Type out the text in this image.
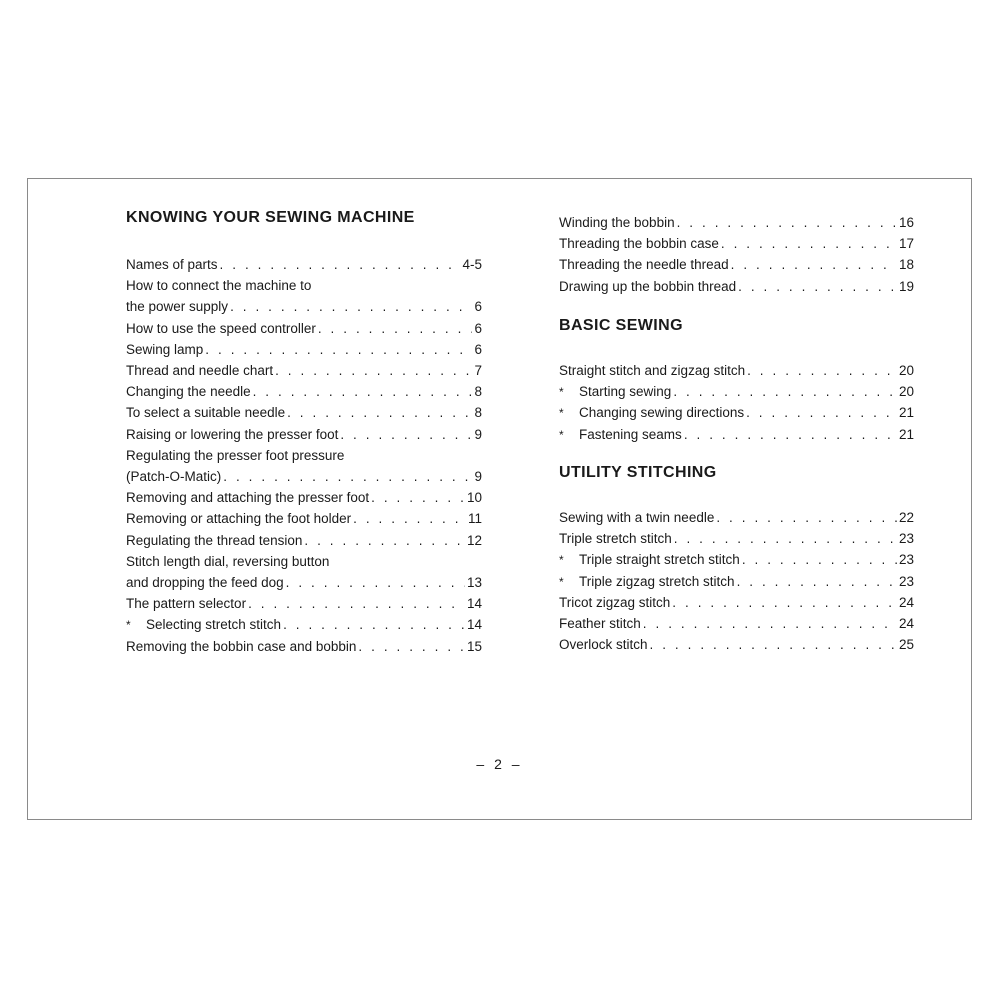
KNOWING YOUR SEWING MACHINE
Names of parts . . .	4-5
How to connect the machine to
the power supply . . .	6
How to use the speed controller . . .	6
Sewing lamp . . .	6
Thread and needle chart . . .	7
Changing the needle . . .	8
To select a suitable needle . . .	8
Raising or lowering the presser foot . . .	9
Regulating the presser foot pressure
(Patch-O-Matic) . . .	9
Removing and attaching the presser foot . . .	10
Removing or attaching the foot holder . . .	11
Regulating the thread tension . . .	12
Stitch length dial, reversing button
and dropping the feed dog . . .	13
The pattern selector . . .	14
*	Selecting stretch stitch . . .	14
Removing the bobbin case and bobbin . . .	15
Winding the bobbin . . .	16
Threading the bobbin case . . .	17
Threading the needle thread . . .	18
Drawing up the bobbin thread . . .	19
BASIC SEWING
Straight stitch and zigzag stitch . . .	20
*	Starting sewing . . .	20
*	Changing sewing directions . . .	21
*	Fastening seams . . .	21
UTILITY STITCHING
Sewing with a twin needle . . .	22
Triple stretch stitch . . .	23
*	Triple straight stretch stitch . . .	23
*	Triple zigzag stretch stitch . . .	23
Tricot zigzag stitch . . .	24
Feather stitch . . .	24
Overlock stitch . . .	25
– 2 –
